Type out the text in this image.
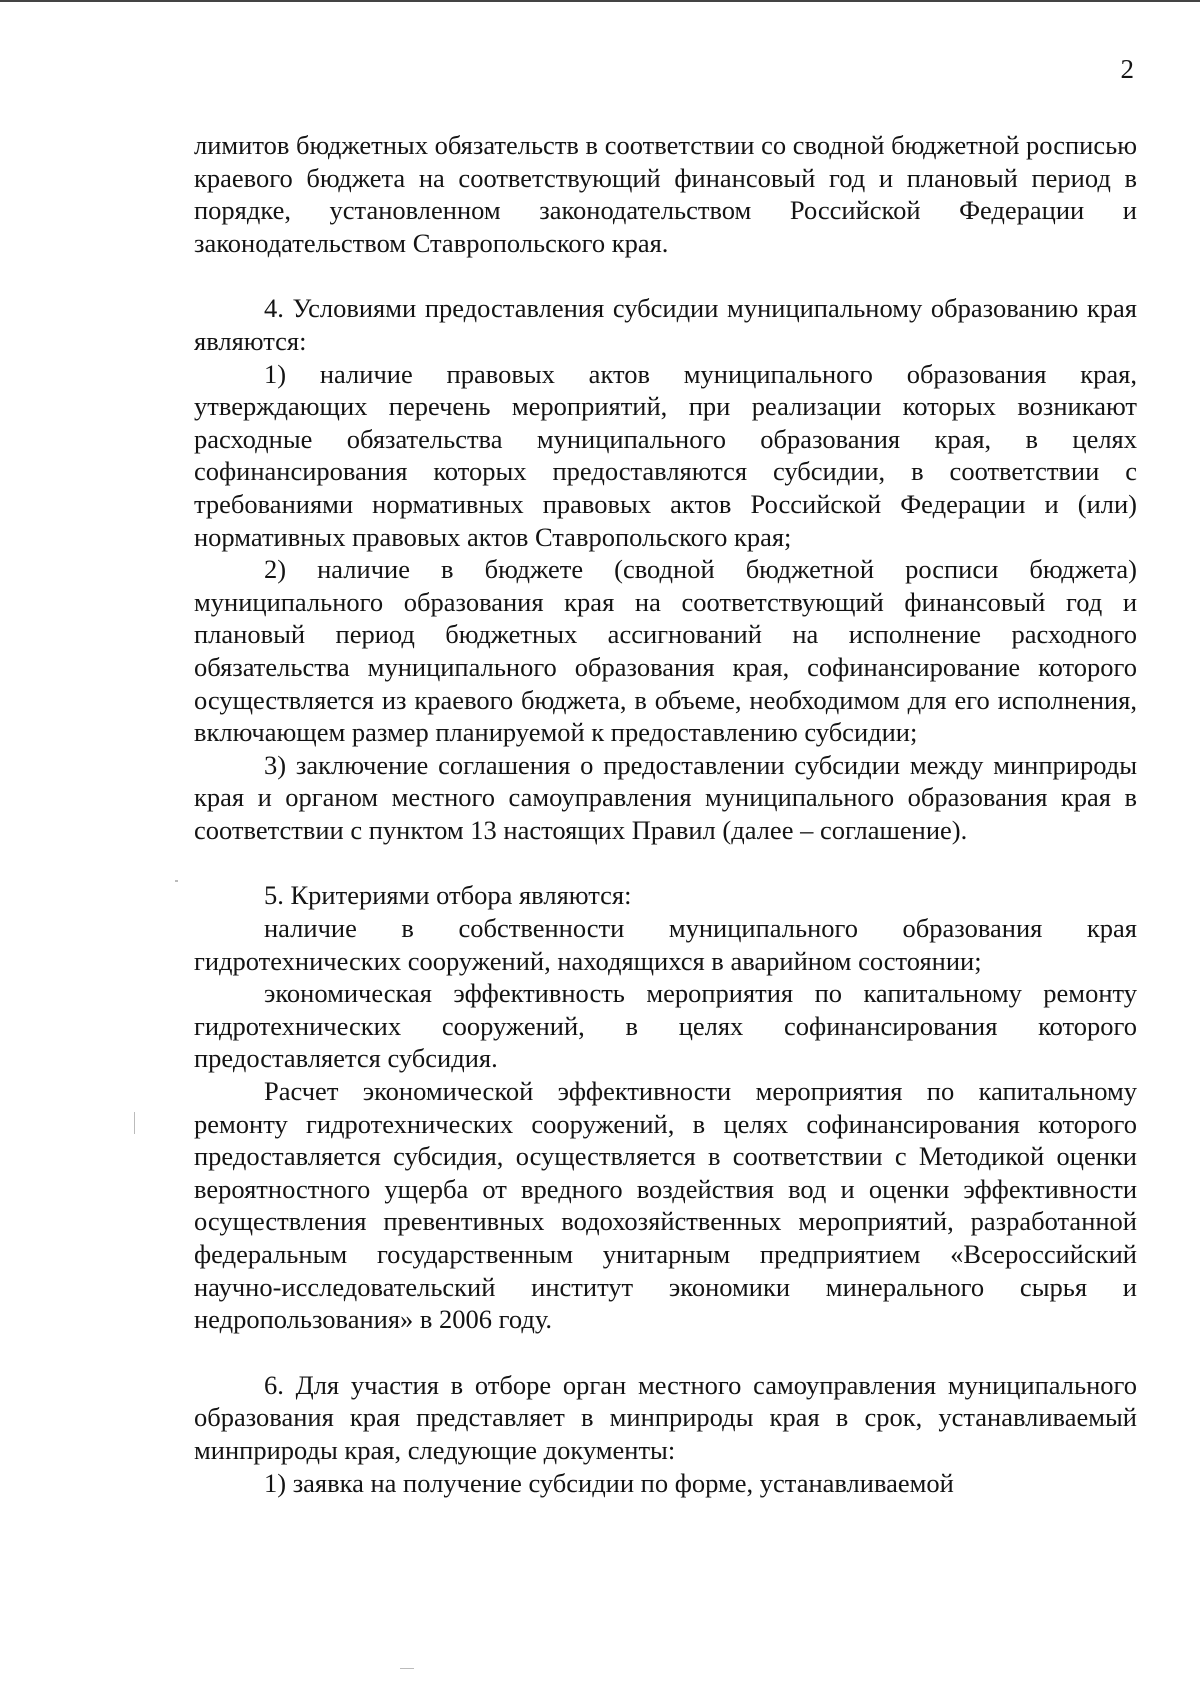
2

лимитов бюджетных обязательств в соответствии со сводной бюджетной росписью краевого бюджета на соответствующий финансовый год и плановый период в порядке, установленном законодательством Российской Федерации и законодательством Ставропольского края.

4. Условиями предоставления субсидии муниципальному образованию края являются:

1) наличие правовых актов муниципального образования края, утверждающих перечень мероприятий, при реализации которых возникают расходные обязательства муниципального образования края, в целях софинансирования которых предоставляются субсидии, в соответствии с требованиями нормативных правовых актов Российской Федерации и (или) нормативных правовых актов Ставропольского края;

2) наличие в бюджете (сводной бюджетной росписи бюджета) муниципального образования края на соответствующий финансовый год и плановый период бюджетных ассигнований на исполнение расходного обязательства муниципального образования края, софинансирование которого осуществляется из краевого бюджета, в объеме, необходимом для его исполнения, включающем размер планируемой к предоставлению субсидии;

3) заключение соглашения о предоставлении субсидии между минприроды края и органом местного самоуправления муниципального образования края в соответствии с пунктом 13 настоящих Правил (далее – соглашение).

5. Критериями отбора являются:

наличие в собственности муниципального образования края гидротехнических сооружений, находящихся в аварийном состоянии;

экономическая эффективность мероприятия по капитальному ремонту гидротехнических сооружений, в целях софинансирования которого предоставляется субсидия.

Расчет экономической эффективности мероприятия по капитальному ремонту гидротехнических сооружений, в целях софинансирования которого предоставляется субсидия, осуществляется в соответствии с Методикой оценки вероятностного ущерба от вредного воздействия вод и оценки эффективности осуществления превентивных водохозяйственных мероприятий, разработанной федеральным государственным унитарным предприятием «Всероссийский научно-исследовательский институт экономики минерального сырья и недропользования» в 2006 году.

6. Для участия в отборе орган местного самоуправления муниципального образования края представляет в минприроды края в срок, устанавливаемый минприроды края, следующие документы:

1) заявка на получение субсидии по форме, устанавливаемой
